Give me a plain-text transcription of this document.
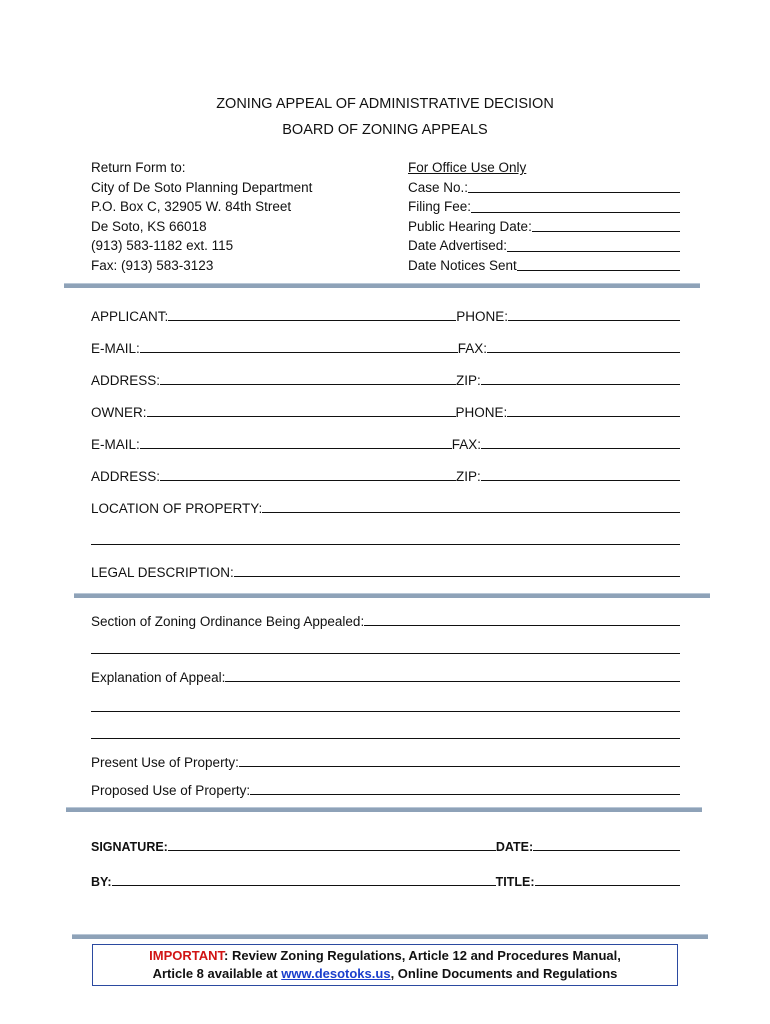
ZONING APPEAL OF ADMINISTRATIVE DECISION
BOARD OF ZONING APPEALS
Return Form to:
City of De Soto Planning Department
P.O. Box C, 32905 W. 84th Street
De Soto, KS 66018
(913) 583-1182 ext. 115
Fax: (913) 583-3123
For Office Use Only
Case No.:
Filing Fee:
Public Hearing Date:
Date Advertised:
Date Notices Sent
APPLICANT:	PHONE:
E-MAIL:	FAX:
ADDRESS:	ZIP:
OWNER:	PHONE:
E-MAIL:	FAX:
ADDRESS:	ZIP:
LOCATION OF PROPERTY:
LEGAL DESCRIPTION:
Section of Zoning Ordinance Being Appealed:
Explanation of Appeal:
Present Use of Property:
Proposed Use of Property:
SIGNATURE:	DATE:
BY:	TITLE:
IMPORTANT: Review Zoning Regulations, Article 12 and Procedures Manual,
Article 8 available at www.desotoks.us, Online Documents and Regulations
